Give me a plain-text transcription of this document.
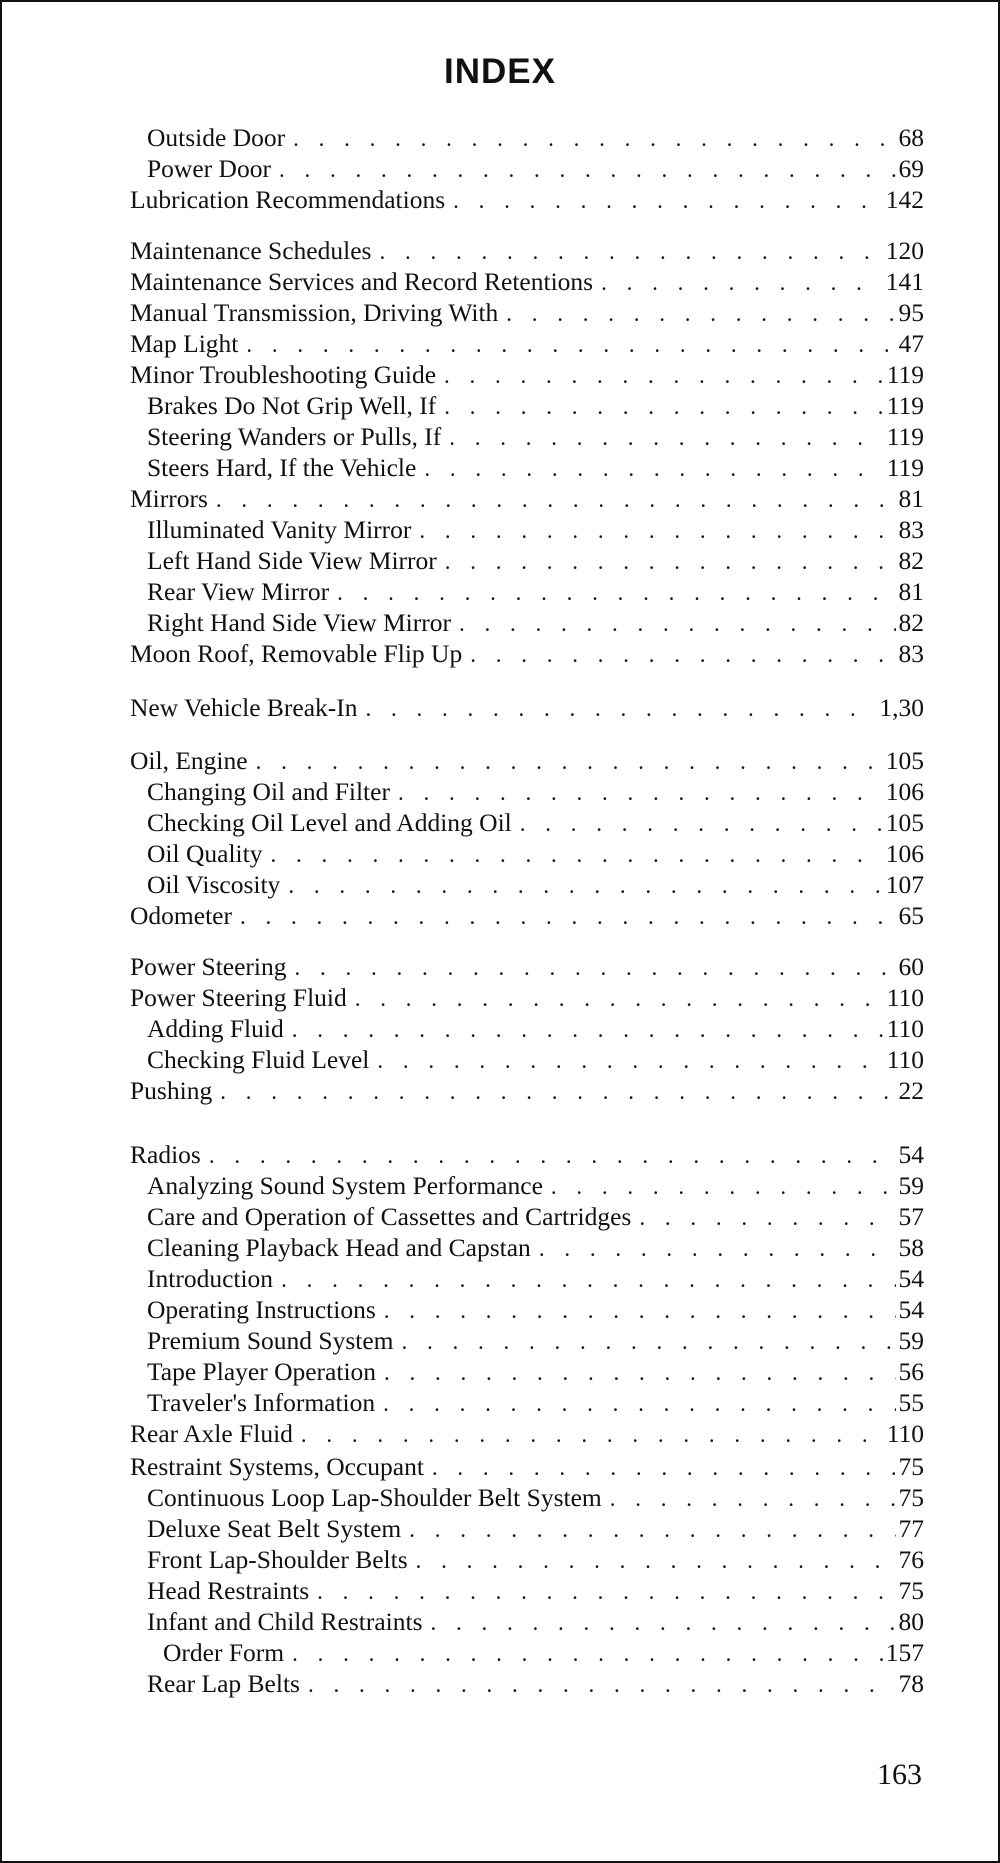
INDEX
Outside Door . . .	68
Power Door . . .	69
Lubrication Recommendations . . .	142
Maintenance Schedules . . .	120
Maintenance Services and Record Retentions . . .	141
Manual Transmission, Driving With . . .	95
Map Light . . .	47
Minor Troubleshooting Guide . . .	119
Brakes Do Not Grip Well, If . . .	119
Steering Wanders or Pulls, If . . .	119
Steers Hard, If the Vehicle . . .	119
Mirrors . . .	81
Illuminated Vanity Mirror . . .	83
Left Hand Side View Mirror . . .	82
Rear View Mirror . . .	81
Right Hand Side View Mirror . . .	82
Moon Roof, Removable Flip Up . . .	83
New Vehicle Break-In . . .	1,30
Oil, Engine . . .	105
Changing Oil and Filter . . .	106
Checking Oil Level and Adding Oil . . .	105
Oil Quality . . .	106
Oil Viscosity . . .	107
Odometer . . .	65
Power Steering . . .	60
Power Steering Fluid . . .	110
Adding Fluid . . .	110
Checking Fluid Level . . .	110
Pushing . . .	22
Radios . . .	54
Analyzing Sound System Performance . . .	59
Care and Operation of Cassettes and Cartridges . . .	57
Cleaning Playback Head and Capstan . . .	58
Introduction . . .	54
Operating Instructions . . .	54
Premium Sound System . . .	59
Tape Player Operation . . .	56
Traveler's Information . . .	55
Rear Axle Fluid . . .	110
Restraint Systems, Occupant . . .	75
Continuous Loop Lap-Shoulder Belt System . . .	75
Deluxe Seat Belt System . . .	77
Front Lap-Shoulder Belts . . .	76
Head Restraints . . .	75
Infant and Child Restraints . . .	80
Order Form . . .	157
Rear Lap Belts . . .	78
163
